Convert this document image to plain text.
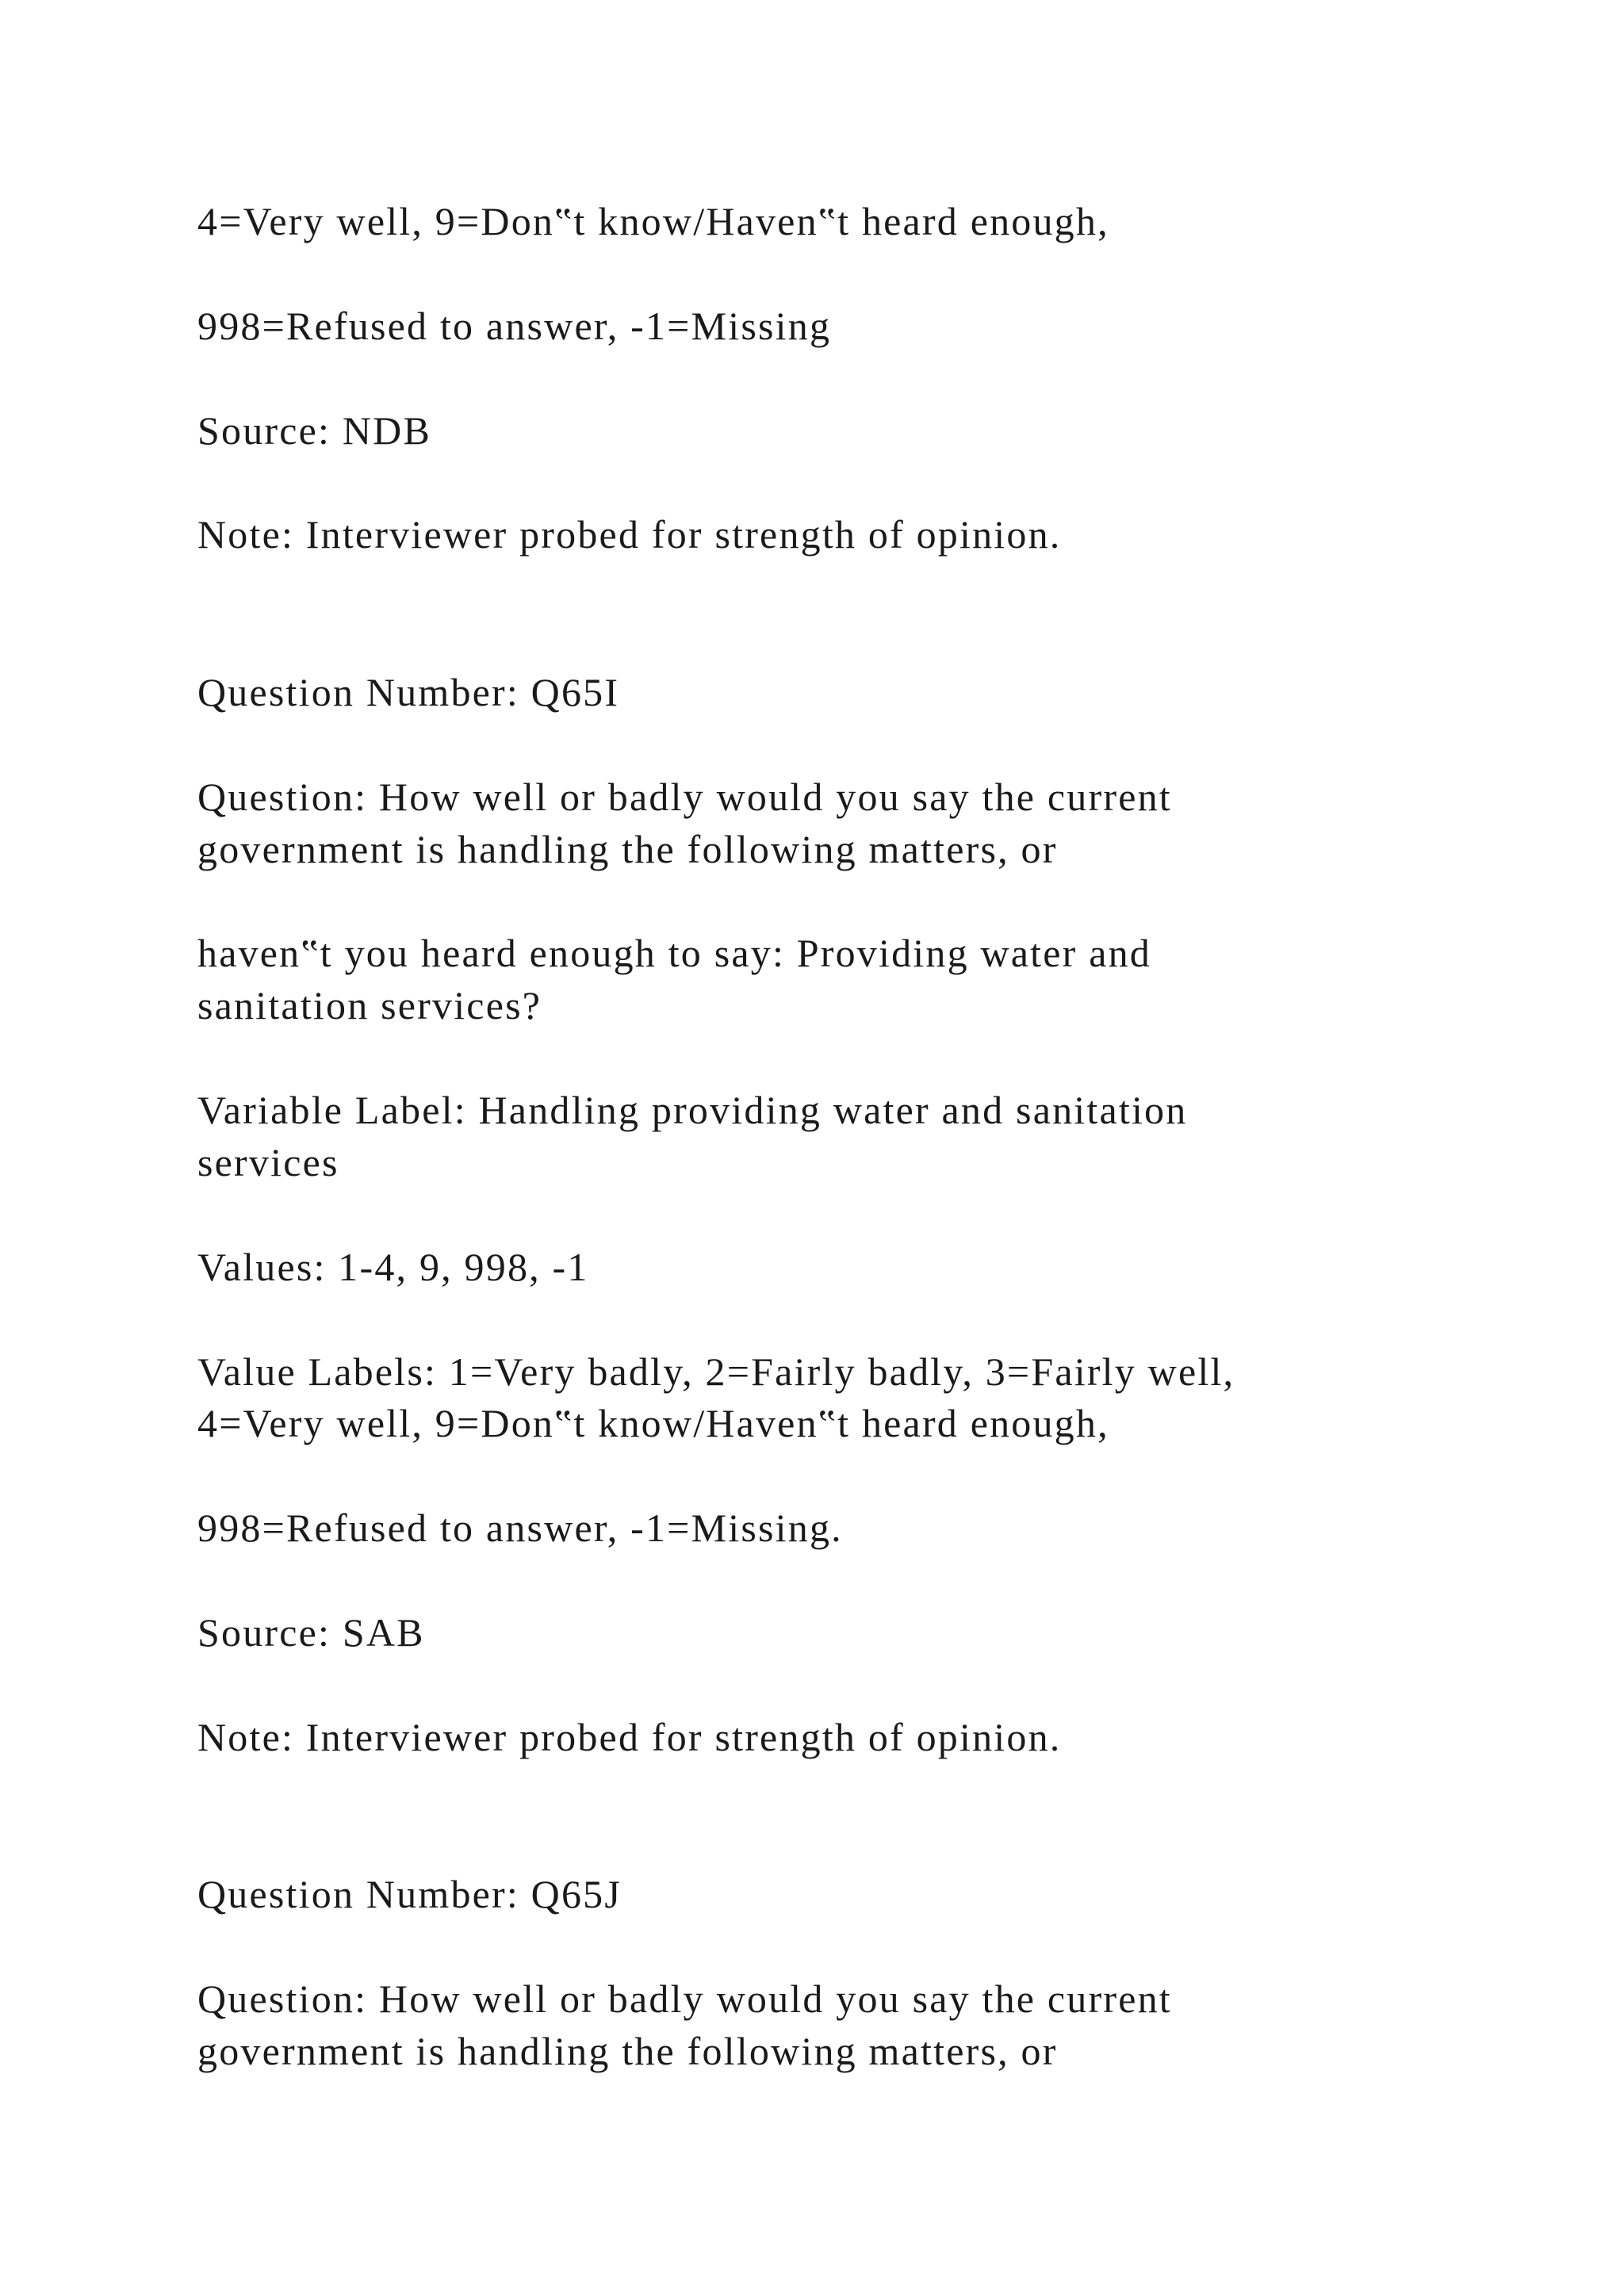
4=Very well, 9=Don‟t know/Haven‟t heard enough,

998=Refused to answer, -1=Missing

Source: NDB

Note: Interviewer probed for strength of opinion.

Question Number: Q65I

Question: How well or badly would you say the current

government is handling the following matters, or

haven‟t you heard enough to say: Providing water and

sanitation services?

Variable Label: Handling providing water and sanitation

services

Values: 1-4, 9, 998, -1

Value Labels: 1=Very badly, 2=Fairly badly, 3=Fairly well,

4=Very well, 9=Don‟t know/Haven‟t heard enough,

998=Refused to answer, -1=Missing.

Source: SAB

Note: Interviewer probed for strength of opinion.

Question Number: Q65J

Question: How well or badly would you say the current

government is handling the following matters, or
